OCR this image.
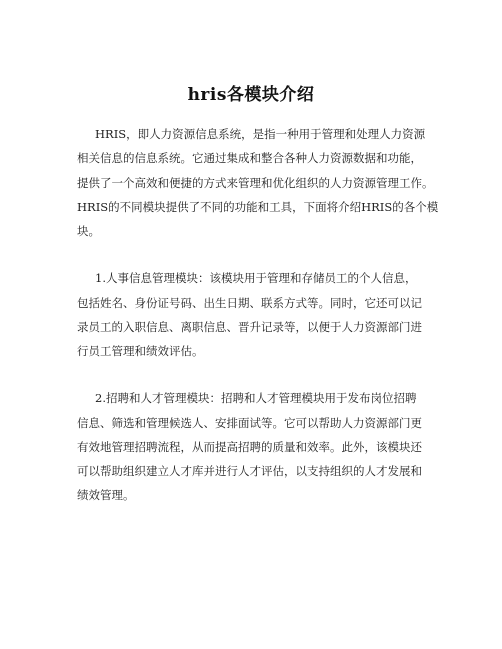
hris各模块介绍
HRIS，即人力资源信息系统，是指一种用于管理和处理人力资源
相关信息的信息系统。它通过集成和整合各种人力资源数据和功能，
提供了一个高效和便捷的方式来管理和优化组织的人力资源管理工作。
HRIS的不同模块提供了不同的功能和工具，下面将介绍HRIS的各个模
块。
1.人事信息管理模块：该模块用于管理和存储员工的个人信息，
包括姓名、身份证号码、出生日期、联系方式等。同时，它还可以记
录员工的入职信息、离职信息、晋升记录等，以便于人力资源部门进
行员工管理和绩效评估。
2.招聘和人才管理模块：招聘和人才管理模块用于发布岗位招聘
信息、筛选和管理候选人、安排面试等。它可以帮助人力资源部门更
有效地管理招聘流程，从而提高招聘的质量和效率。此外，该模块还
可以帮助组织建立人才库并进行人才评估，以支持组织的人才发展和
绩效管理。
